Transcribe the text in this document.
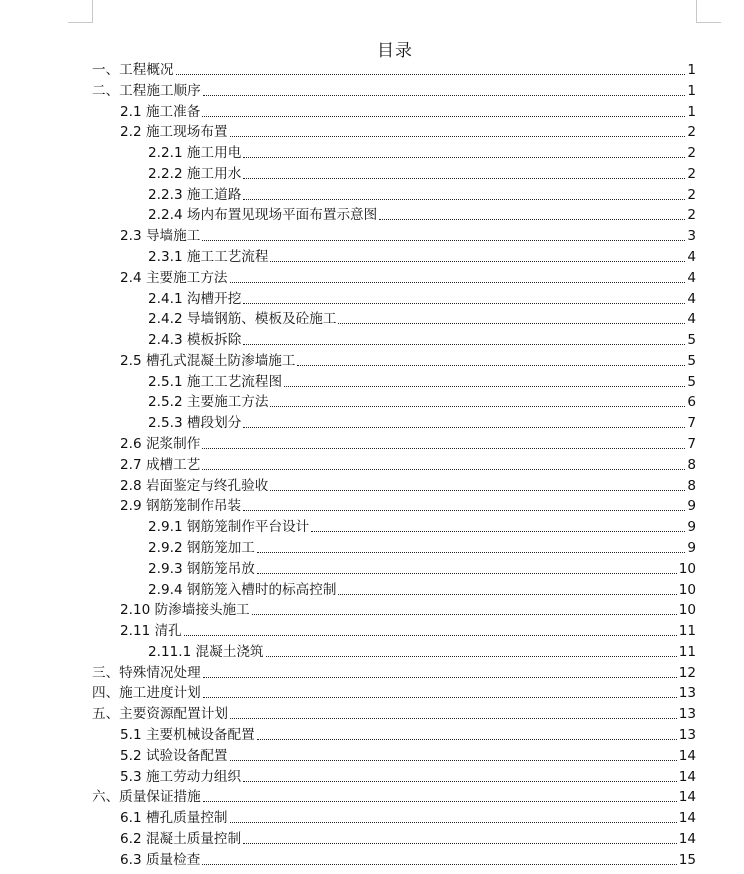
目录
一、工程概况	1
二、工程施工顺序	1
2.1 施工准备	1
2.2 施工现场布置	2
2.2.1 施工用电	2
2.2.2 施工用水	2
2.2.3 施工道路	2
2.2.4 场内布置见现场平面布置示意图	2
2.3 导墙施工	3
2.3.1 施工工艺流程	4
2.4 主要施工方法	4
2.4.1 沟槽开挖	4
2.4.2 导墙钢筋、模板及砼施工	4
2.4.3 模板拆除	5
2.5 槽孔式混凝土防渗墙施工	5
2.5.1 施工工艺流程图	5
2.5.2 主要施工方法	6
2.5.3 槽段划分	7
2.6 泥浆制作	7
2.7 成槽工艺	8
2.8 岩面鉴定与终孔验收	8
2.9 钢筋笼制作吊装	9
2.9.1 钢筋笼制作平台设计	9
2.9.2 钢筋笼加工	9
2.9.3 钢筋笼吊放	10
2.9.4 钢筋笼入槽时的标高控制	10
2.10 防渗墙接头施工	10
2.11 清孔	11
2.11.1 混凝土浇筑	11
三、特殊情况处理	12
四、施工进度计划	13
五、主要资源配置计划	13
5.1 主要机械设备配置	13
5.2 试验设备配置	14
5.3 施工劳动力组织	14
六、质量保证措施	14
6.1 槽孔质量控制	14
6.2 混凝土质量控制	14
6.3 质量检查	15
